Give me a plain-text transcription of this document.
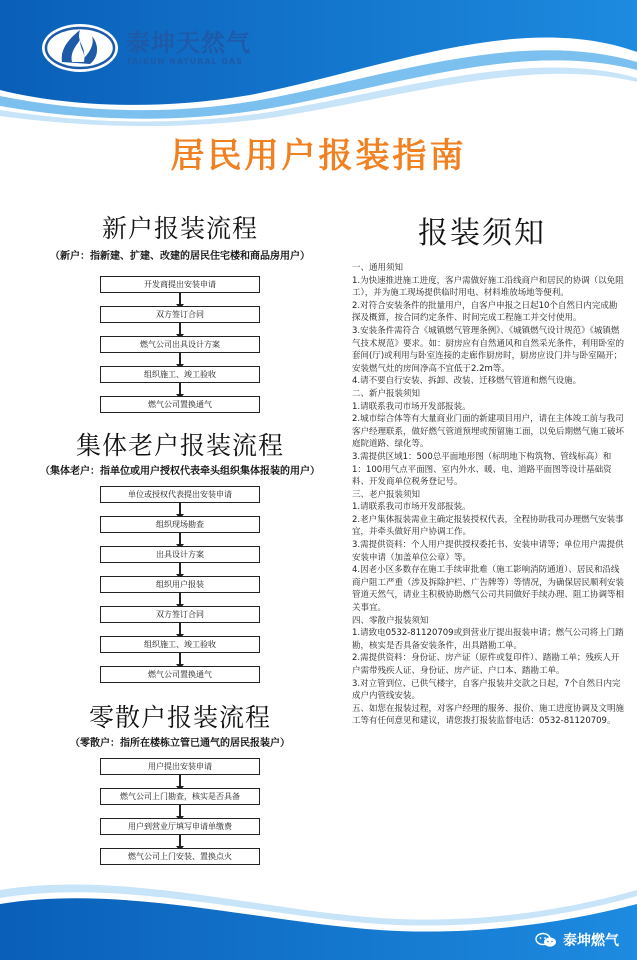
泰坤天然气
TAIKUN NATURAL GAS
居民用户报装指南
新户报装流程
（新户：指新建、扩建、改建的居民住宅楼和商品房用户）
开发商提出安装申请
双方签订合同
燃气公司出具设计方案
组织施工、竣工验收
燃气公司置换通气
集体老户报装流程
（集体老户：指单位或用户授权代表牵头组织集体报装的用户）
单位或授权代表提出安装申请
组织现场勘查
出具设计方案
组织用户报装
双方签订合同
组织施工、竣工验收
燃气公司置换通气
零散户报装流程
（零散户：指所在楼栋立管已通气的居民报装户）
用户提出安装申请
燃气公司上门勘查，核实是否具备
用户到营业厅填写申请单缴费
燃气公司上门安装、置换点火
报装须知

一、通用须知

1.为快速推进施工进度，客户需做好施工沿线商户和居民的协调（以免阻工），并为施工现场提供临时用电、材料堆放场地等便利。

2.对符合安装条件的批量用户，自客户申报之日起10个自然日内完成勘探及概算，按合同约定条件、时间完成工程施工并交付使用。

3.安装条件需符合《城镇燃气管理条例》、《城镇燃气设计规范》《城镇燃气技术规范》要求。如：厨房应有自然通风和自然采光条件，利用卧室的套间(厅)或利用与卧室连接的走廊作厨房时，厨房应设门并与卧室隔开；安装燃气灶的房间净高不宜低于2.2m等。

4.请不要自行安装、拆卸、改装、迁移燃气管道和燃气设施。

二、新户报装须知

1.请联系我司市场开发部报装。

2.城市综合体等有大量商业门面的新建项目用户，请在主体竣工前与我司客户经理联系，做好燃气管道预埋或预留施工面，以免后期燃气施工破坏庭院道路、绿化等。

3.需提供区域1：500总平面地形图（标明地下构筑物、管线标高）和1：100用气点平面图、室内外水、暖、电、道路平面图等设计基础资料、开发商单位税务登记号。

三、老户报装须知

1.请联系我司市场开发部报装。

2.老户集体报装需业主确定报装授权代表，全程协助我司办理燃气安装事宜，并牵头做好用户协调工作。

3.需提供资料：个人用户提供授权委托书、安装申请等；单位用户需提供安装申请（加盖单位公章）等。

4.因老小区多数存在施工手续审批难（施工影响消防通道）、居民和沿线商户阻工严重（涉及拆除护栏、广告牌等）等情况，为确保居民顺利安装管道天然气，请业主积极协助燃气公司共同做好手续办理、阻工协调等相关事宜。

四、零散户报装须知

1.请致电0532-81120709或到营业厅提出报装申请；燃气公司将上门踏勘，核实是否具备安装条件，出具踏勘工单。

2.需提供资料：身份证、房产证（原件或复印件）、踏勘工单；残疾人开户需带残疾人证、身份证、房产证、户口本、踏勘工单。

3.对立管到位、已供气楼宇，自客户报装并交款之日起，7个自然日内完成户内管线安装。

五、如您在报装过程，对客户经理的服务、报价、施工进度协调及文明施工等有任何意见和建议，请您拨打报装监督电话：0532-81120709。

泰坤燃气
